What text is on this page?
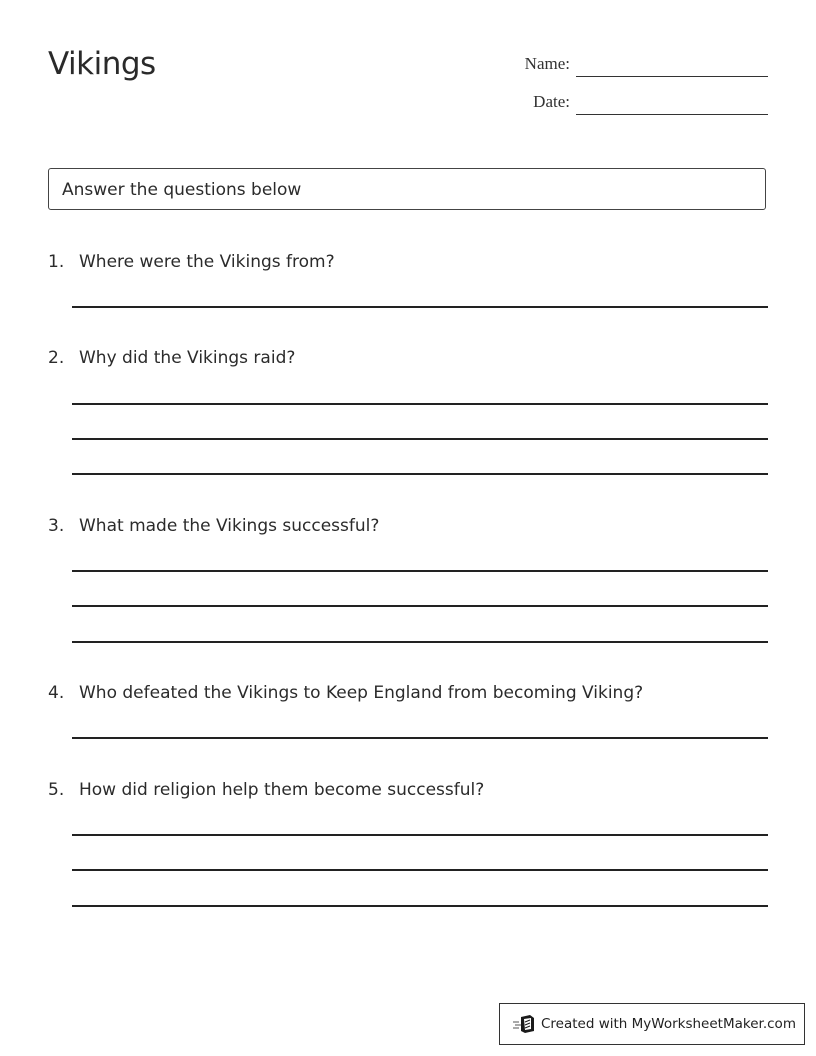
Vikings	Name:
Date:
Answer the questions below
1. Where were the Vikings from?
2. Why did the Vikings raid?
3. What made the Vikings successful?
4. Who defeated the Vikings to Keep England from becoming Viking?
5. How did religion help them become successful?
Created with MyWorksheetMaker.com
